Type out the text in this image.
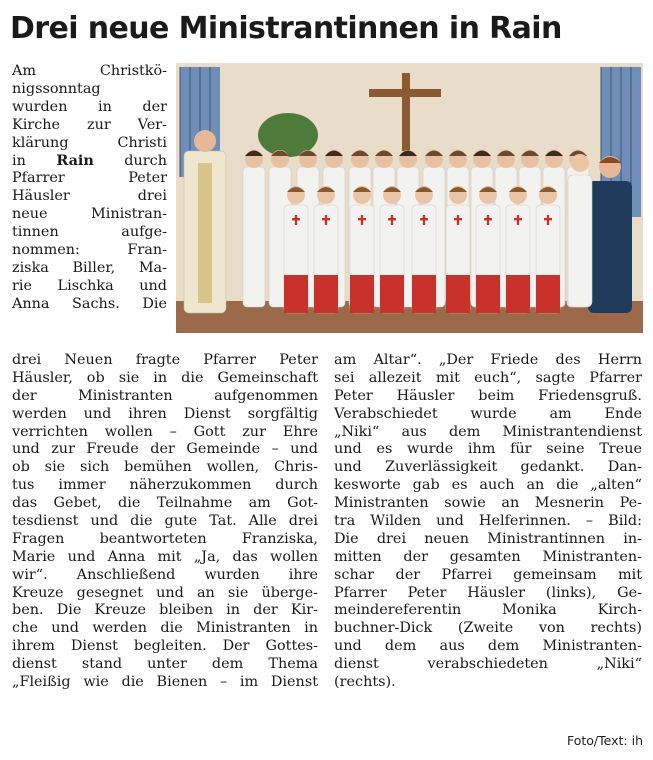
Drei neue Ministrantinnen in Rain
Am Christkö-
nigssonntag
wurden in der
Kirche zur Ver-
klärung Christi
in Rain durch
Pfarrer Peter
Häusler drei
neue Ministran-
tinnen aufge-
nommen: Fran-
ziska Biller, Ma-
rie Lischka und
Anna Sachs. Die
drei Neuen fragte Pfarrer Peter
Häusler, ob sie in die Gemeinschaft
der Ministranten aufgenommen
werden und ihren Dienst sorgfältig
verrichten wollen – Gott zur Ehre
und zur Freude der Gemeinde – und
ob sie sich bemühen wollen, Chris-
tus immer näherzukommen durch
das Gebet, die Teilnahme am Got-
tesdienst und die gute Tat. Alle drei
Fragen beantworteten Franziska,
Marie und Anna mit „Ja, das wollen
wir“. Anschließend wurden ihre
Kreuze gesegnet und an sie überge-
ben. Die Kreuze bleiben in der Kir-
che und werden die Ministranten in
ihrem Dienst begleiten. Der Gottes-
dienst stand unter dem Thema
„Fleißig wie die Bienen – im Dienst
am Altar“. „Der Friede des Herrn
sei allezeit mit euch“, sagte Pfarrer
Peter Häusler beim Friedensgruß.
Verabschiedet wurde am Ende
„Niki“ aus dem Ministrantendienst
und es wurde ihm für seine Treue
und Zuverlässigkeit gedankt. Dan-
kesworte gab es auch an die „alten“
Ministranten sowie an Mesnerin Pe-
tra Wilden und Helferinnen. – Bild:
Die drei neuen Ministrantinnen in-
mitten der gesamten Ministranten-
schar der Pfarrei gemeinsam mit
Pfarrer Peter Häusler (links), Ge-
meindereferentin Monika Kirch-
buchner-Dick (Zweite von rechts)
und dem aus dem Ministranten-
dienst verabschiedeten „Niki“
(rechts).
Foto/Text: ih
